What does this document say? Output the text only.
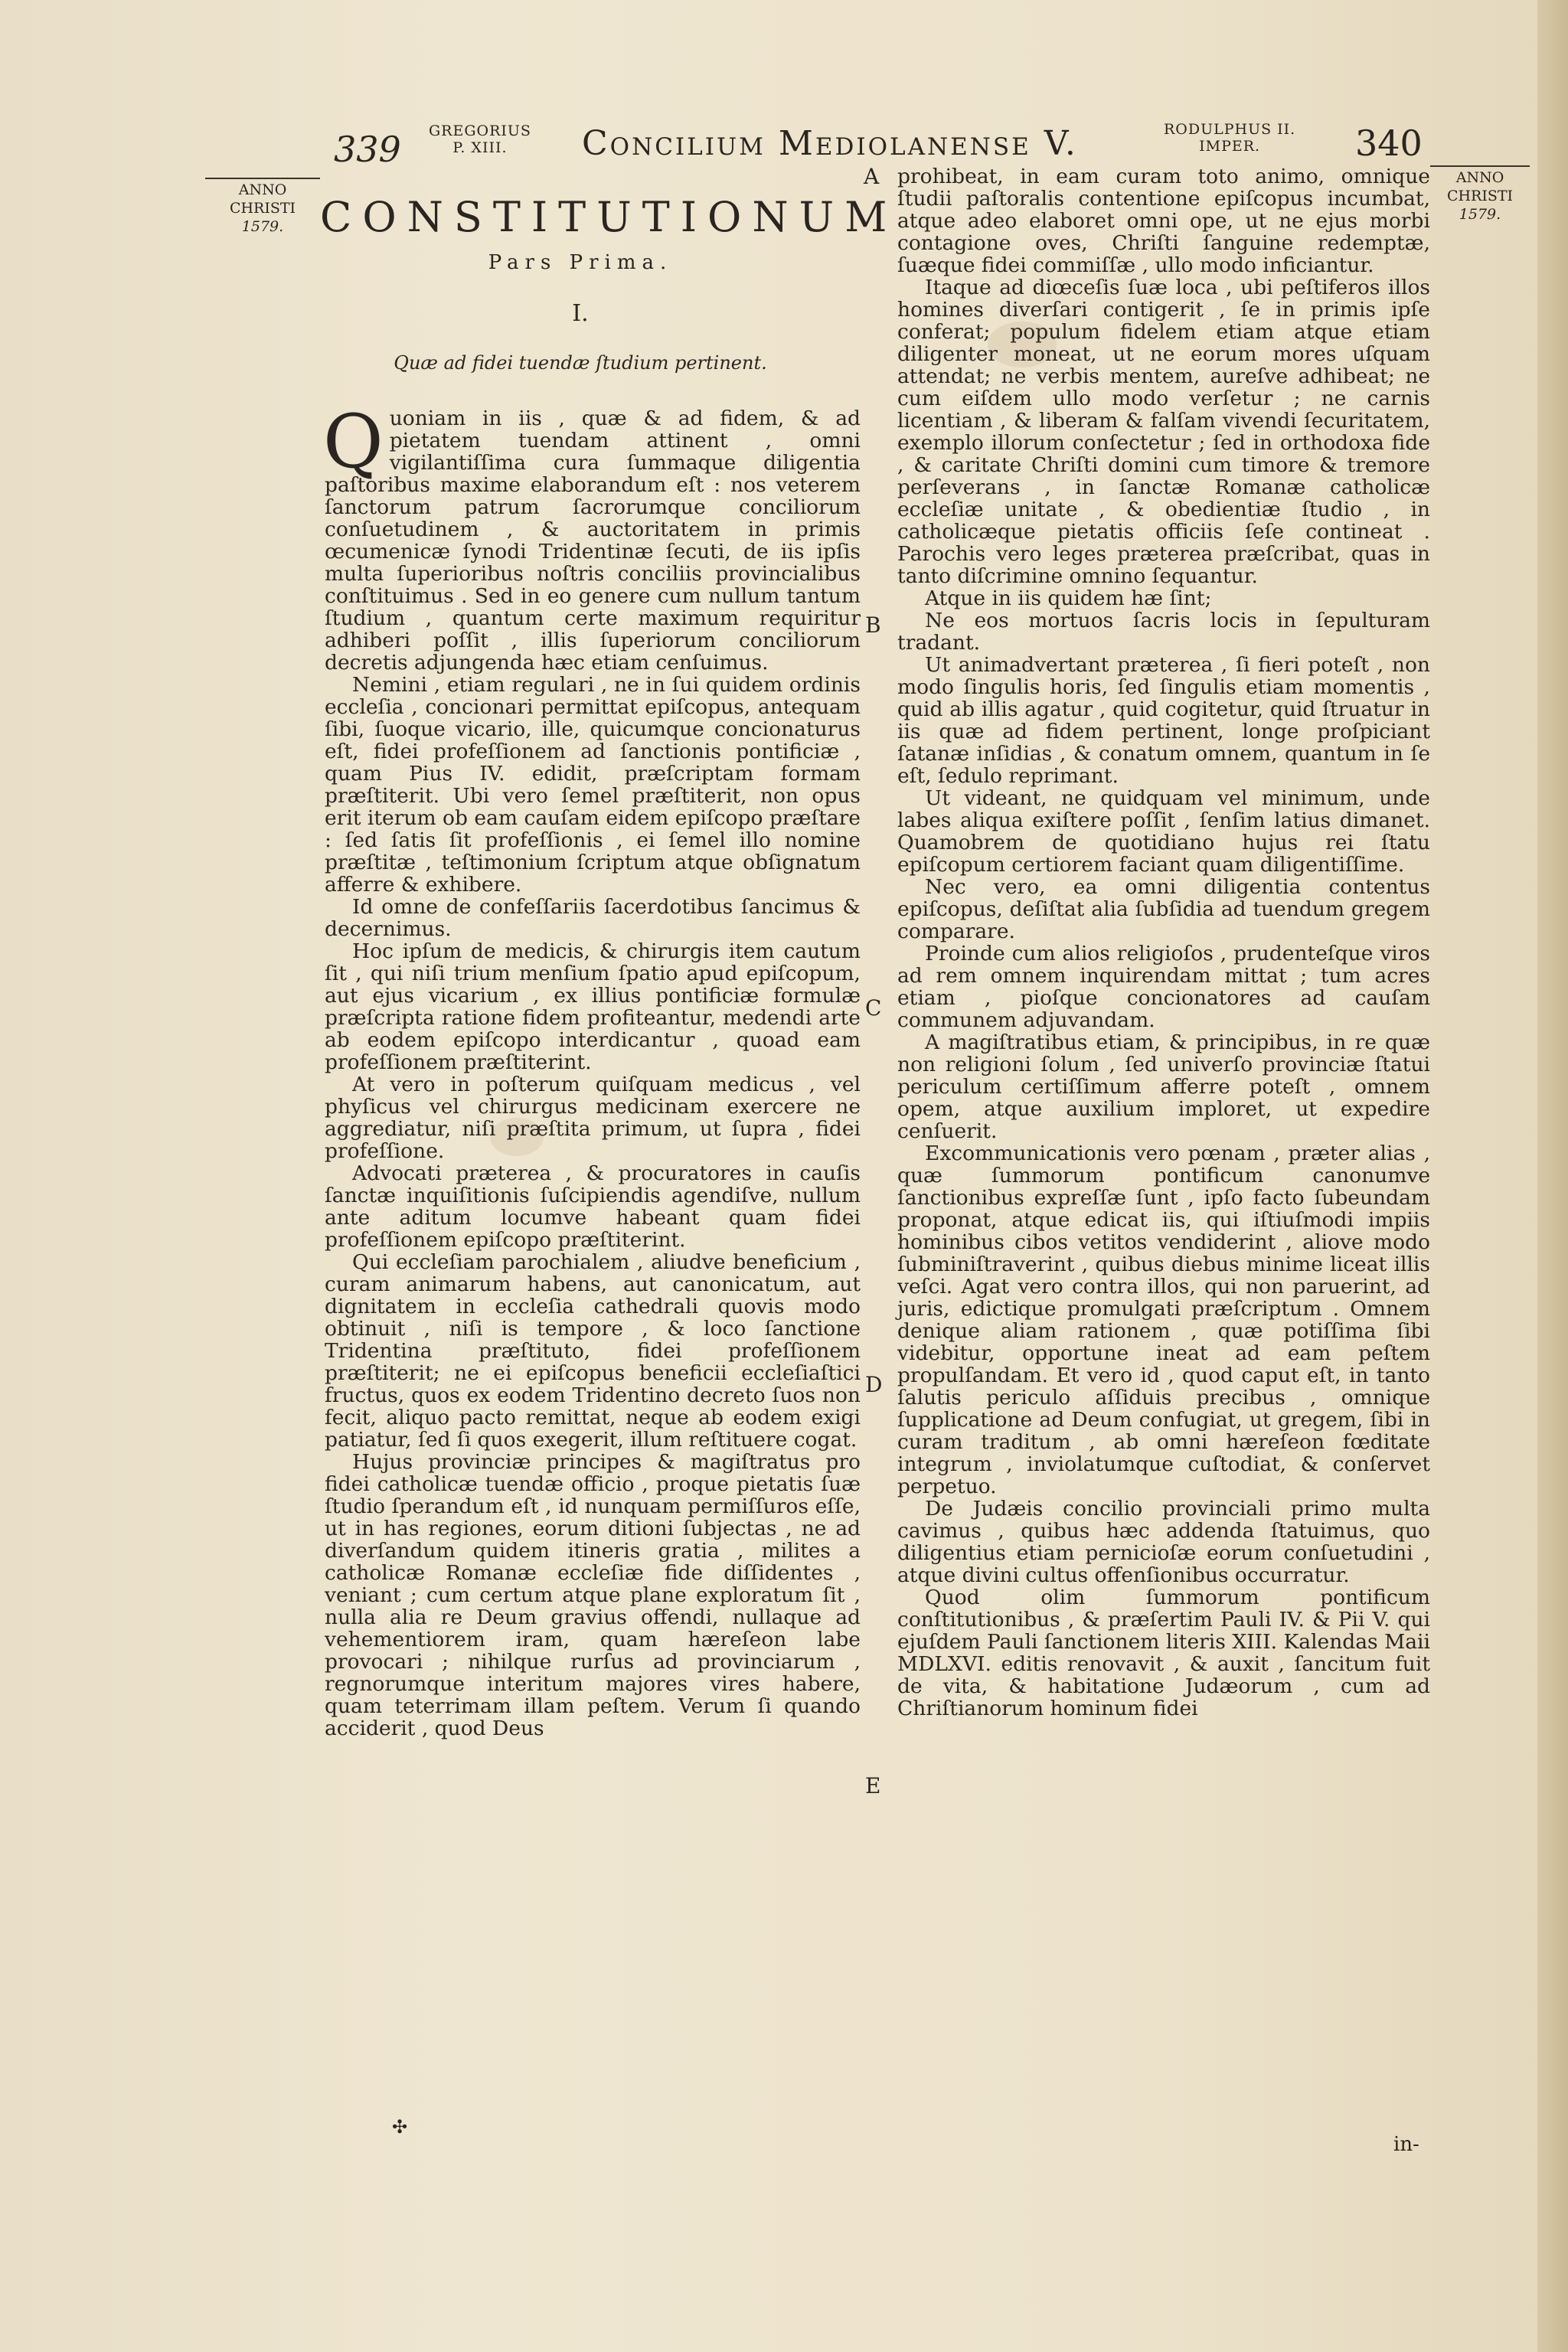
339 GREGORIUS
P. XIII.	Concilium Mediolanense V.	RODULPHUS II.
IMPER.	340
ANNO
CHRISTI
1579.
ANNO
CHRISTI
1579.
CONSTITUTIONUM
Pars Prima.
I.
Quæ ad fidei tuendæ ſtudium pertinent.

Quoniam in iis , quæ & ad fidem, & ad pietatem tuendam attinent , omni vigilantiſſima cura ſummaque diligentia paſtoribus maxime elaborandum eſt : nos veterem ſanctorum patrum ſacrorumque conciliorum conſuetudinem , & auctoritatem in primis œcumenicæ ſynodi Tridentinæ ſecuti, de iis ipſis multa ſuperioribus noſtris conciliis provincialibus conſtituimus . Sed in eo genere cum nullum tantum ſtudium , quantum certe maximum requiritur adhiberi poſſit , illis ſuperiorum conciliorum decretis adjungenda hæc etiam cenſuimus.

Nemini , etiam regulari , ne in ſui quidem ordinis eccleſia , concionari permittat epiſcopus, antequam ſibi, ſuoque vicario, ille, quicumque concionaturus eſt, fidei profeſſionem ad ſanctionis pontificiæ , quam Pius IV. edidit, præſcriptam formam præſtiterit. Ubi vero ſemel præſtiterit, non opus erit iterum ob eam cauſam eidem epiſcopo præſtare : ſed ſatis ſit profeſſionis , ei ſemel illo nomine præſtitæ , teſtimonium ſcriptum atque obſignatum afferre & exhibere.

Id omne de confeſſariis ſacerdotibus ſancimus & decernimus.

Hoc ipſum de medicis, & chirurgis item cautum ſit , qui niſi trium menſium ſpatio apud epiſcopum, aut ejus vicarium , ex illius pontificiæ formulæ præſcripta ratione fidem profiteantur, medendi arte ab eodem epiſcopo interdicantur , quoad eam profeſſionem præſtiterint.

At vero in poſterum quiſquam medicus , vel phyſicus vel chirurgus medicinam exercere ne aggrediatur, niſi præſtita primum, ut ſupra , fidei profeſſione.

Advocati præterea , & procuratores in cauſis ſanctæ inquiſitionis ſuſcipiendis agendiſve, nullum ante aditum locumve habeant quam fidei profeſſionem epiſcopo præſtiterint.

Qui eccleſiam parochialem , aliudve beneficium , curam animarum habens, aut canonicatum, aut dignitatem in eccleſia cathedrali quovis modo obtinuit , niſi is tempore , & loco ſanctione Tridentina præſtituto, fidei profeſſionem præſtiterit; ne ei epiſcopus beneficii eccleſiaſtici fructus, quos ex eodem Tridentino decreto ſuos non fecit, aliquo pacto remittat, neque ab eodem exigi patiatur, ſed ſi quos exegerit, illum reſtituere cogat.

Hujus provinciæ principes & magiſtratus pro fidei catholicæ tuendæ officio , proque pietatis ſuæ ſtudio ſperandum eſt , id nunquam permiſſuros eſſe, ut in has regiones, eorum ditioni ſubjectas , ne ad diverſandum quidem itineris gratia , milites a catholicæ Romanæ eccleſiæ fide diſſidentes , veniant ; cum certum atque plane exploratum ſit , nulla alia re Deum gravius offendi, nullaque ad vehementiorem iram, quam hæreſeon labe provocari ; nihilque rurſus ad provinciarum , regnorumque interitum majores vires habere, quam teterrimam illam peſtem. Verum ſi quando acciderit , quod Deus

A
B
C
D
E

prohibeat, in eam curam toto animo, omnique ſtudii paſtoralis contentione epiſcopus incumbat, atque adeo elaboret omni ope, ut ne ejus morbi contagione oves, Chriſti ſanguine redemptæ, ſuæque fidei commiſſæ , ullo modo inficiantur.

Itaque ad diœceſis ſuæ loca , ubi peſtiferos illos homines diverſari contigerit , ſe in primis ipſe conferat; populum fidelem etiam atque etiam diligenter moneat, ut ne eorum mores uſquam attendat; ne verbis mentem, aureſve adhibeat; ne cum eiſdem ullo modo verſetur ; ne carnis licentiam , & liberam & falſam vivendi ſecuritatem, exemplo illorum conſectetur ; ſed in orthodoxa fide , & caritate Chriſti domini cum timore & tremore perſeverans , in ſanctæ Romanæ catholicæ eccleſiæ unitate , & obedientiæ ſtudio , in catholicæque pietatis officiis ſeſe contineat . Parochis vero leges præterea præſcribat, quas in tanto diſcrimine omnino ſequantur.

Atque in iis quidem hæ ſint;

Ne eos mortuos ſacris locis in ſepulturam tradant.

Ut animadvertant præterea , ſi fieri poteſt , non modo ſingulis horis, ſed ſingulis etiam momentis , quid ab illis agatur , quid cogitetur, quid ſtruatur in iis quæ ad fidem pertinent, longe proſpiciant ſatanæ inſidias , & conatum omnem, quantum in ſe eſt, ſedulo reprimant.

Ut videant, ne quidquam vel minimum, unde labes aliqua exiſtere poſſit , ſenſim latius dimanet. Quamobrem de quotidiano hujus rei ſtatu epiſcopum certiorem faciant quam diligentiſſime.

Nec vero, ea omni diligentia contentus epiſcopus, deſiſtat alia ſubſidia ad tuendum gregem comparare.

Proinde cum alios religioſos , prudenteſque viros ad rem omnem inquirendam mittat ; tum acres etiam , pioſque concionatores ad cauſam communem adjuvandam.

A magiſtratibus etiam, & principibus, in re quæ non religioni ſolum , ſed univerſo provinciæ ſtatui periculum certiſſimum afferre poteſt , omnem opem, atque auxilium imploret, ut expedire cenſuerit.

Excommunicationis vero pœnam , præter alias , quæ ſummorum pontificum canonumve ſanctionibus expreſſæ ſunt , ipſo facto ſubeundam proponat, atque edicat iis, qui iſtiuſmodi impiis hominibus cibos vetitos vendiderint , aliove modo ſubminiſtraverint , quibus diebus minime liceat illis veſci. Agat vero contra illos, qui non paruerint, ad juris, edictique promulgati præſcriptum . Omnem denique aliam rationem , quæ potiſſima ſibi videbitur, opportune ineat ad eam peſtem propulſandam. Et vero id , quod caput eſt, in tanto ſalutis periculo aſſiduis precibus , omnique ſupplicatione ad Deum confugiat, ut gregem, ſibi in curam traditum , ab omni hæreſeon fœditate integrum , inviolatumque cuſtodiat, & conſervet perpetuo.

De Judæis concilio provinciali primo multa cavimus , quibus hæc addenda ſtatuimus, quo diligentius etiam pernicioſæ eorum conſuetudini , atque divini cultus offenſionibus occurratur.

Quod olim ſummorum pontificum conſtitutionibus , & præſertim Pauli IV. & Pii V. qui ejuſdem Pauli ſanctionem literis XIII. Kalendas Maii MDLXVI. editis renovavit , & auxit , ſancitum fuit de vita, & habitatione Judæorum , cum ad Chriſtianorum hominum fidei

✣
in-
